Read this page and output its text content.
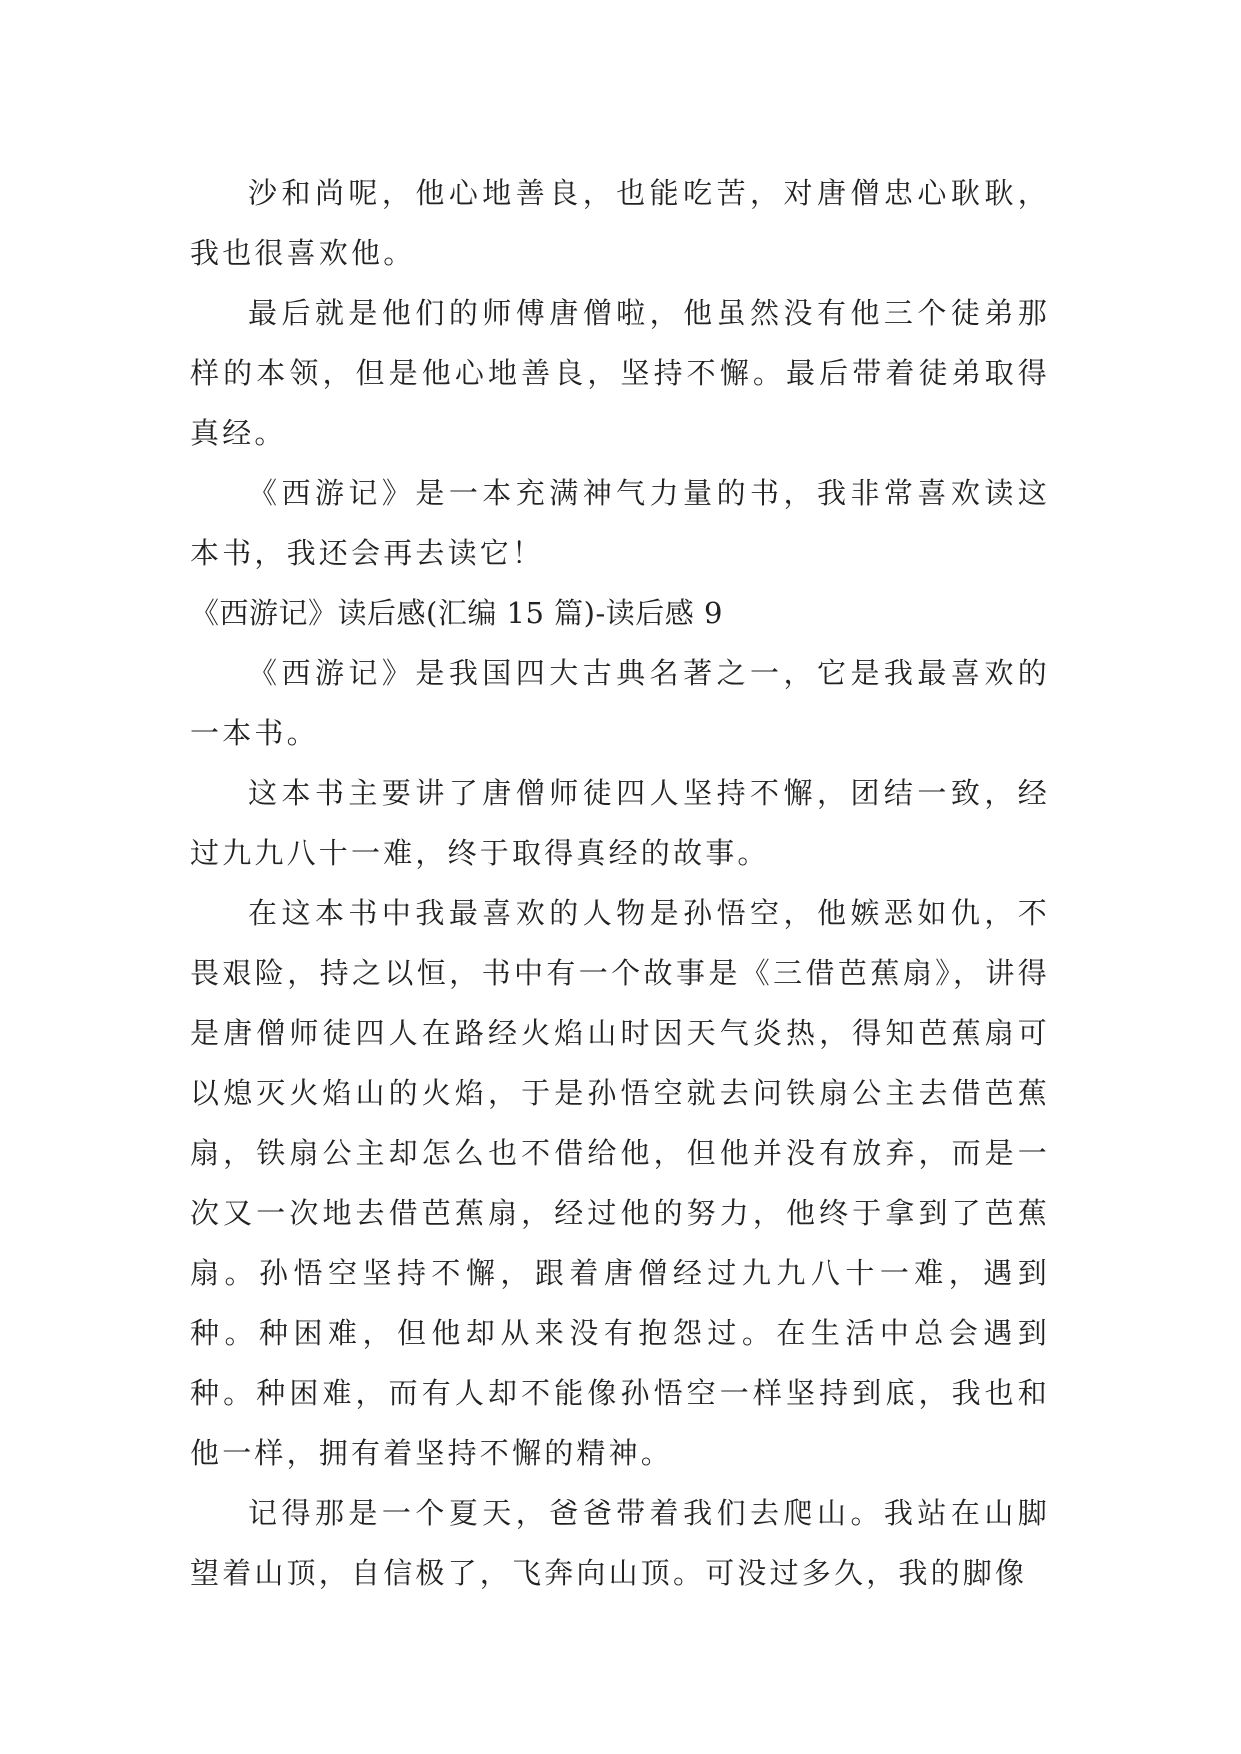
沙和尚呢，他心地善良，也能吃苦，对唐僧忠心耿耿，我也很喜欢他。

最后就是他们的师傅唐僧啦，他虽然没有他三个徒弟那样的本领，但是他心地善良，坚持不懈。最后带着徒弟取得真经。

《西游记》是一本充满神气力量的书，我非常喜欢读这本书，我还会再去读它！

《西游记》读后感(汇编 15 篇)-读后感 9

《西游记》是我国四大古典名著之一，它是我最喜欢的一本书。

这本书主要讲了唐僧师徒四人坚持不懈，团结一致，经过九九八十一难，终于取得真经的故事。

在这本书中我最喜欢的人物是孙悟空，他嫉恶如仇，不畏艰险，持之以恒，书中有一个故事是《三借芭蕉扇》，讲得是唐僧师徒四人在路经火焰山时因天气炎热，得知芭蕉扇可以熄灭火焰山的火焰，于是孙悟空就去问铁扇公主去借芭蕉扇，铁扇公主却怎么也不借给他，但他并没有放弃，而是一次又一次地去借芭蕉扇，经过他的努力，他终于拿到了芭蕉扇。孙悟空坚持不懈，跟着唐僧经过九九八十一难，遇到种。种困难，但他却从来没有抱怨过。在生活中总会遇到种。种困难，而有人却不能像孙悟空一样坚持到底，我也和他一样，拥有着坚持不懈的精神。

记得那是一个夏天，爸爸带着我们去爬山。我站在山脚望着山顶，自信极了，飞奔向山顶。可没过多久，我的脚像
